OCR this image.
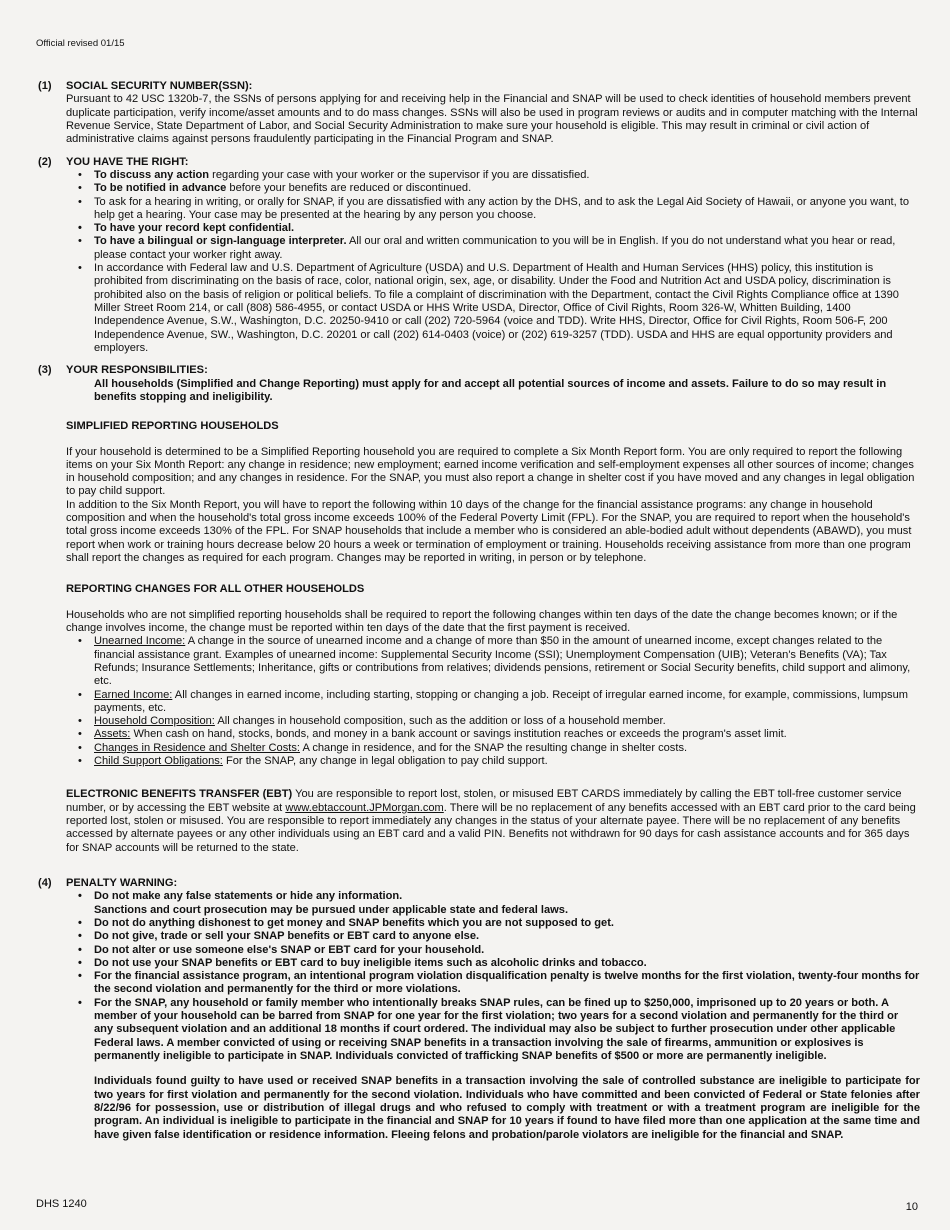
Official revised 01/15
(1)	SOCIAL SECURITY NUMBER(SSN):

Pursuant to 42 USC 1320b-7, the SSNs of persons applying for and receiving help in the Financial and SNAP will be used to check identities of household members prevent duplicate participation, verify income/asset amounts and to do mass changes. SSNs will also be used in program reviews or audits and in computer matching with the Internal Revenue Service, State Department of Labor, and Social Security Administration to make sure your household is eligible. This may result in criminal or civil action of administrative claims against persons fraudulently participating in the Financial Program and SNAP.

(2)	YOU HAVE THE RIGHT:
• To discuss any action regarding your case with your worker or the supervisor if you are dissatisfied.
• To be notified in advance before your benefits are reduced or discontinued.
• To ask for a hearing in writing, or orally for SNAP, if you are dissatisfied with any action by the DHS, and to ask the Legal Aid Society of Hawaii, or anyone you want, to help get a hearing. Your case may be presented at the hearing by any person you choose.
• To have your record kept confidential.
• To have a bilingual or sign-language interpreter. All our oral and written communication to you will be in English. If you do not understand what you hear or read, please contact your worker right away.
• In accordance with Federal law and U.S. Department of Agriculture (USDA) and U.S. Department of Health and Human Services (HHS) policy, this institution is prohibited from discriminating on the basis of race, color, national origin, sex, age, or disability. Under the Food and Nutrition Act and USDA policy, discrimination is prohibited also on the basis of religion or political beliefs. To file a complaint of discrimination with the Department, contact the Civil Rights Compliance office at 1390 Miller Street Room 214, or call (808) 586-4955, or contact USDA or HHS Write USDA, Director, Office of Civil Rights, Room 326-W, Whitten Building, 1400 Independence Avenue, S.W., Washington, D.C. 20250-9410 or call (202) 720-5964 (voice and TDD). Write HHS, Director, Office for Civil Rights, Room 506-F, 200 Independence Avenue, SW., Washington, D.C. 20201 or call (202) 614-0403 (voice) or (202) 619-3257 (TDD). USDA and HHS are equal opportunity providers and employers.
(3)	YOUR RESPONSIBILITIES:

All households (Simplified and Change Reporting) must apply for and accept all potential sources of income and assets. Failure to do so may result in benefits stopping and ineligibility.

SIMPLIFIED REPORTING HOUSEHOLDS

If your household is determined to be a Simplified Reporting household you are required to complete a Six Month Report form. You are only required to report the following items on your Six Month Report: any change in residence; new employment; earned income verification and self-employment expenses all other sources of income; changes in household composition; and any changes in residence. For the SNAP, you must also report a change in shelter cost if you have moved and any changes in legal obligation to pay child support.

In addition to the Six Month Report, you will have to report the following within 10 days of the change for the financial assistance programs: any change in household composition and when the household's total gross income exceeds 100% of the Federal Poverty Limit (FPL). For the SNAP, you are required to report when the household's total gross income exceeds 130% of the FPL. For SNAP households that include a member who is considered an able-bodied adult without dependents (ABAWD), you must report when work or training hours decrease below 20 hours a week or termination of employment or training. Households receiving assistance from more than one program shall report the changes as required for each program. Changes may be reported in writing, in person or by telephone.

REPORTING CHANGES FOR ALL OTHER HOUSEHOLDS

Households who are not simplified reporting households shall be required to report the following changes within ten days of the date the change becomes known; or if the change involves income, the change must be reported within ten days of the date that the first payment is received.

• Unearned Income: A change in the source of unearned income and a change of more than $50 in the amount of unearned income, except changes related to the financial assistance grant. Examples of unearned income: Supplemental Security Income (SSI); Unemployment Compensation (UIB); Veteran's Benefits (VA); Tax Refunds; Insurance Settlements; Inheritance, gifts or contributions from relatives; dividends pensions, retirement or Social Security benefits, child support and alimony, etc.
• Earned Income: All changes in earned income, including starting, stopping or changing a job. Receipt of irregular earned income, for example, commissions, lumpsum payments, etc.
• Household Composition: All changes in household composition, such as the addition or loss of a household member.
• Assets: When cash on hand, stocks, bonds, and money in a bank account or savings institution reaches or exceeds the program's asset limit.
• Changes in Residence and Shelter Costs: A change in residence, and for the SNAP the resulting change in shelter costs.
• Child Support Obligations: For the SNAP, any change in legal obligation to pay child support.

ELECTRONIC BENEFITS TRANSFER (EBT) You are responsible to report lost, stolen, or misused EBT CARDS immediately by calling the EBT toll-free customer service number, or by accessing the EBT website at www.ebtaccount.JPMorgan.com. There will be no replacement of any benefits accessed with an EBT card prior to the card being reported lost, stolen or misused. You are responsible to report immediately any changes in the status of your alternate payee. There will be no replacement of any benefits accessed by alternate payees or any other individuals using an EBT card and a valid PIN. Benefits not withdrawn for 90 days for cash assistance accounts and for 365 days for SNAP accounts will be returned to the state.

(4)	PENALTY WARNING:
• Do not make any false statements or hide any information.
Sanctions and court prosecution may be pursued under applicable state and federal laws.
• Do not do anything dishonest to get money and SNAP benefits which you are not supposed to get.
• Do not give, trade or sell your SNAP benefits or EBT card to anyone else.
• Do not alter or use someone else's SNAP or EBT card for your household.
• Do not use your SNAP benefits or EBT card to buy ineligible items such as alcoholic drinks and tobacco.
• For the financial assistance program, an intentional program violation disqualification penalty is twelve months for the first violation, twenty-four months for the second violation and permanently for the third or more violations.
• For the SNAP, any household or family member who intentionally breaks SNAP rules, can be fined up to $250,000, imprisoned up to 20 years or both. A member of your household can be barred from SNAP for one year for the first violation; two years for a second violation and permanently for the third or any subsequent violation and an additional 18 months if court ordered. The individual may also be subject to further prosecution under other applicable Federal laws. A member convicted of using or receiving SNAP benefits in a transaction involving the sale of firearms, ammunition or explosives is permanently ineligible to participate in SNAP. Individuals convicted of trafficking SNAP benefits of $500 or more are permanently ineligible.

Individuals found guilty to have used or received SNAP benefits in a transaction involving the sale of controlled substance are ineligible to participate for two years for first violation and permanently for the second violation. Individuals who have committed and been convicted of Federal or State felonies after 8/22/96 for possession, use or distribution of illegal drugs and who refused to comply with treatment or with a treatment program are ineligible for the program. An individual is ineligible to participate in the financial and SNAP for 10 years if found to have filed more than one application at the same time and have given false identification or residence information. Fleeing felons and probation/parole violators are ineligible for the financial and SNAP.

DHS 1240	10
